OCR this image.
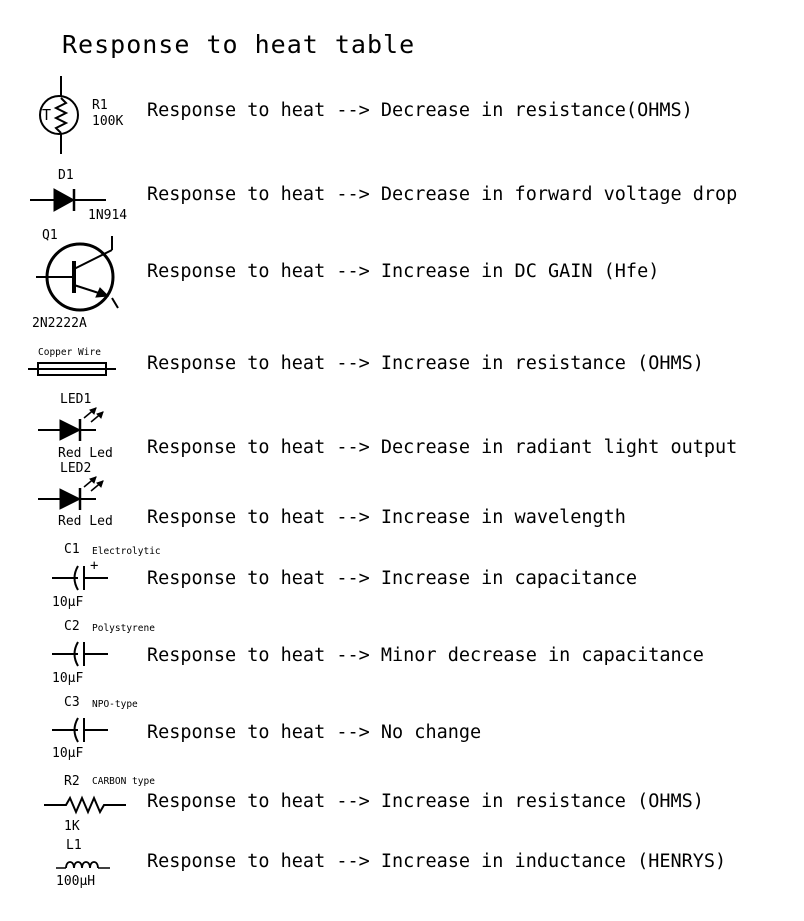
Response to heat table
T
R1
100K
Response to heat --> Decrease in resistance(OHMS)
D1
1N914
Response to heat --> Decrease in forward voltage drop
Q1
2N2222A
Response to heat --> Increase in DC GAIN (Hfe)
Copper Wire
Response to heat --> Increase in resistance (OHMS)
LED1
Red Led Response to heat --> Decrease in radiant light output
LED2
Red Led Response to heat --> Increase in wavelength
C1 Electrolytic
+
10µF
Response to heat --> Increase in capacitance
C2 Polystyrene
10µF
Response to heat --> Minor decrease in capacitance
C3 NPO-type
10µF
Response to heat --> No change
R2 CARBON type
1K
Response to heat --> Increase in resistance (OHMS)
L1
100µH
Response to heat --> Increase in inductance (HENRYS)
